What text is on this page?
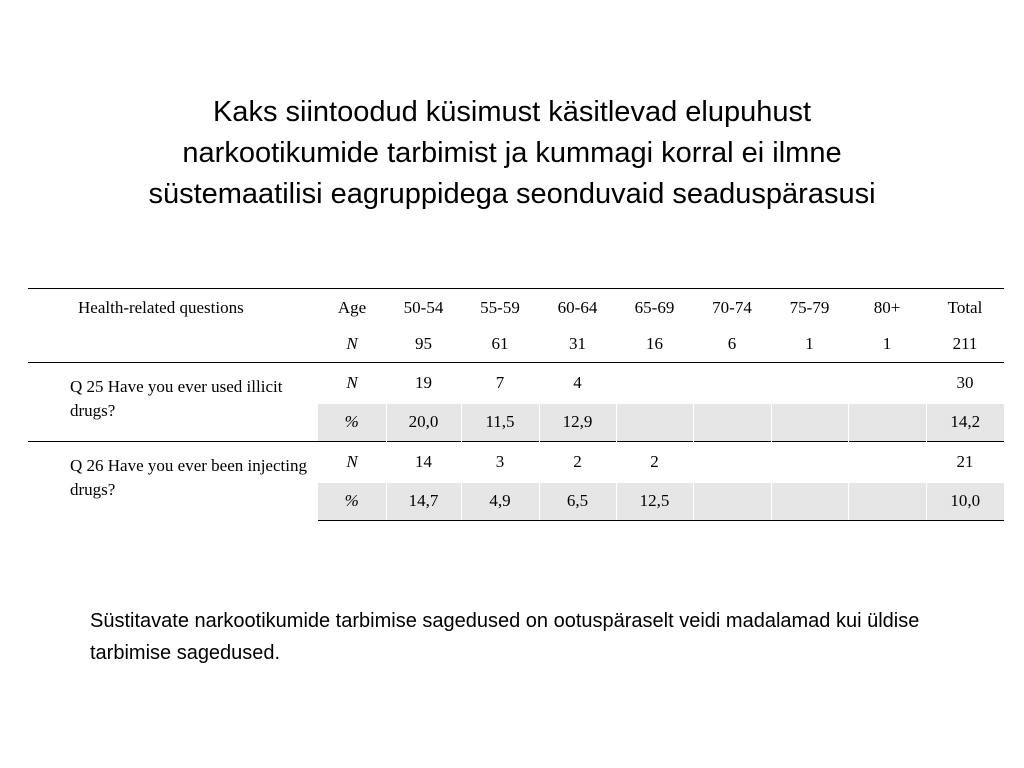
Kaks siintoodud küsimust käsitlevad elupuhust
narkootikumide tarbimist ja kummagi korral ei ilmne
süstemaatilisi eagruppidega seonduvaid seaduspärasusi
Health-related questions	Age	50-54	55-59	60-64	65-69	70-74	75-79	80+	Total
	N	95	61	31	16	6	1	1	211
Q 25 Have you ever used illicit drugs?	N	19	7	4					30
	%	20,0	11,5	12,9					14,2
Q 26 Have you ever been injecting drugs?	N	14	3	2	2				21
	%	14,7	4,9	6,5	12,5				10,0
Süstitavate narkootikumide tarbimise sagedused on ootuspäraselt veidi madalamad kui üldise tarbimise sagedused.
